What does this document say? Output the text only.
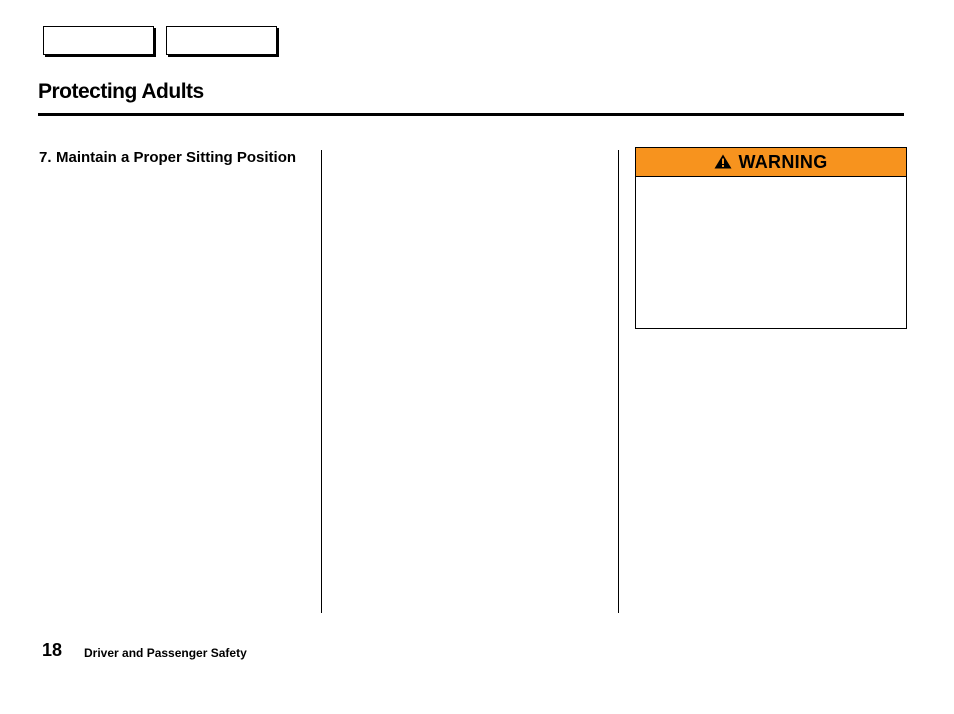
Protecting Adults
7. Maintain a Proper Sitting Position	WARNING
18 Driver and Passenger Safety
